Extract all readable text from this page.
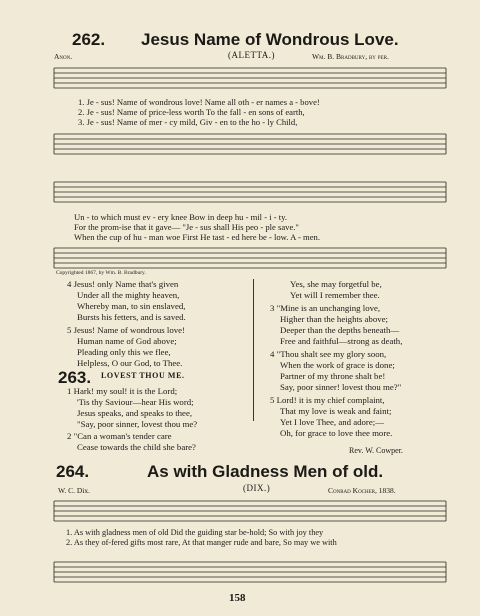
262. Jesus Name of Wondrous Love.
Anon.	(ALETTA.)	Wm. B. Bradbury, by per.
1. Je - sus! Name of wondrous love! Name all oth - er names a - bove!
2. Je - sus! Name of price-less worth To the fall - en sons of earth,
3. Je - sus! Name of mer - cy mild, Giv - en to the ho - ly Child,
Un - to which must ev - ery knee Bow in deep hu - mil - i - ty.
For the prom-ise that it gave— "Je - sus shall His peo - ple save."
When the cup of hu - man woe First He tast - ed here be - low. A - men.
Copyrighted 1867, by Wm. B. Bradbury.
4 Jesus! only Name that's given
Under all the mighty heaven,
Whereby man, to sin enslaved,
Bursts his fetters, and is saved.
5 Jesus! Name of wondrous love!
Human name of God above;
Pleading only this we flee,
Helpless, O our God, to Thee.
263. LOVEST THOU ME.
1 Hark! my soul! it is the Lord;
'Tis thy Saviour—hear His word;
Jesus speaks, and speaks to thee,
"Say, poor sinner, lovest thou me?
2 "Can a woman's tender care
Cease towards the child she bare?
Yes, she may forgetful be,
Yet will I remember thee.
3 "Mine is an unchanging love,
Higher than the heights above;
Deeper than the depths beneath—
Free and faithful—strong as death,
4 "Thou shalt see my glory soon,
When the work of grace is done;
Partner of my throne shalt be!
Say, poor sinner! lovest thou me?"
5 Lord! it is my chief complaint,
That my love is weak and faint;
Yet I love Thee, and adore;—
Oh, for grace to love thee more.
Rev. W. Cowper.
264.	As with Gladness Men of old.
W. C. Dix.	(DIX.)	Conrad Kocher, 1838.
1. As with gladness men of old Did the guiding star be-hold; So with joy they
2. As they of-fered gifts most rare, At that manger rude and bare, So may we with
158
